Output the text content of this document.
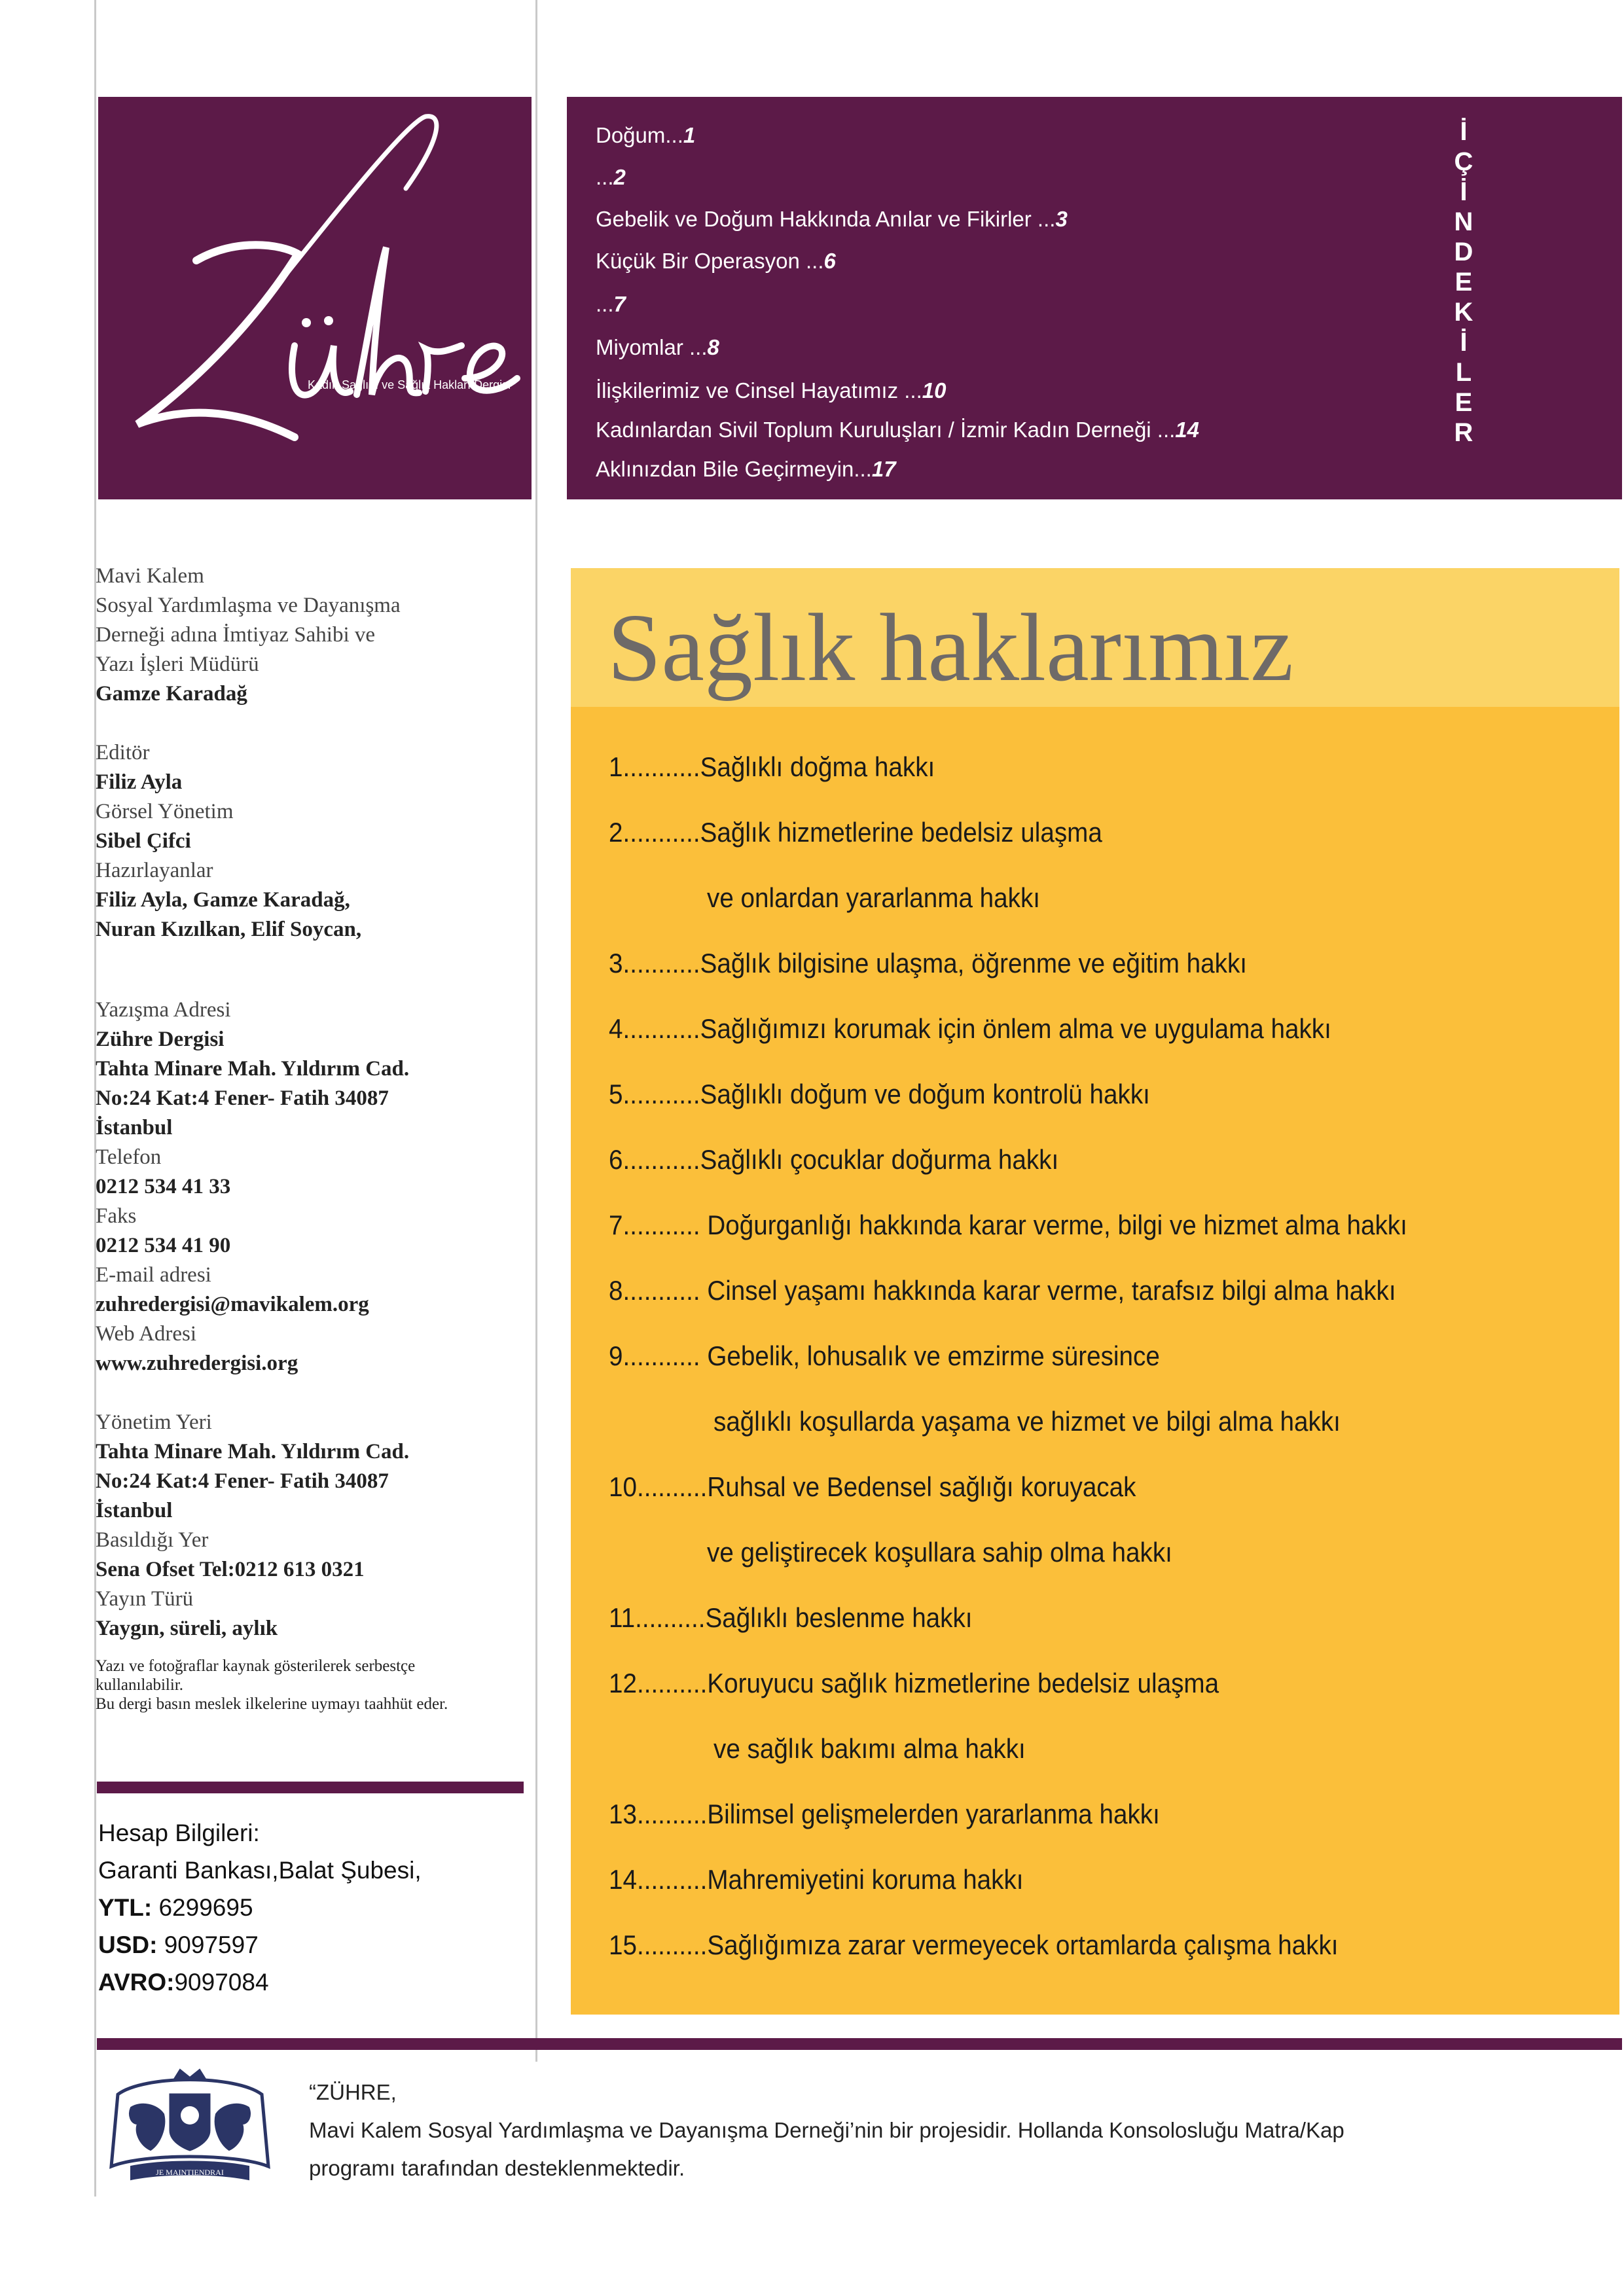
Kadın Sağlığı ve Sağlık Hakları Dergisi
Doğum...1
...2
Gebelik ve Doğum Hakkında Anılar ve Fikirler ...3
Küçük Bir Operasyon ...6
...7
Miyomlar ...8
İlişkilerimiz ve Cinsel Hayatımız ...10
Kadınlardan Sivil Toplum Kuruluşları / İzmir Kadın Derneği ...14
Aklınızdan Bile Geçirmeyin...17
İ
Ç
İ
N
D
E
K
İ
L
E
R
Mavi Kalem
Sosyal Yardımlaşma ve Dayanışma
Derneği adına İmtiyaz Sahibi ve
Yazı İşleri Müdürü
Gamze Karadağ
Editör
Filiz Ayla
Görsel Yönetim
Sibel Çifci
Hazırlayanlar
Filiz Ayla, Gamze Karadağ,
Nuran Kızılkan, Elif Soycan,
Yazışma Adresi
Zühre Dergisi
Tahta Minare Mah. Yıldırım Cad.
No:24 Kat:4 Fener- Fatih 34087
İstanbul
Telefon
0212 534 41 33
Faks
0212 534 41 90
E-mail adresi
zuhredergisi@mavikalem.org
Web Adresi
www.zuhredergisi.org
Yönetim Yeri
Tahta Minare Mah. Yıldırım Cad.
No:24 Kat:4 Fener- Fatih 34087
İstanbul
Basıldığı Yer
Sena Ofset Tel:0212 613 0321
Yayın Türü
Yaygın, süreli, aylık
Yazı ve fotoğraflar kaynak gösterilerek serbestçe
kullanılabilir.
Bu dergi basın meslek ilkelerine uymayı taahhüt eder.
Hesap Bilgileri:
Garanti Bankası,Balat Şubesi,
YTL: 6299695
USD: 9097597
AVRO:9097084
Sağlık haklarımız
1...........Sağlıklı doğma hakkı
2...........Sağlık hizmetlerine bedelsiz ulaşma
ve onlardan yararlanma hakkı
3...........Sağlık bilgisine ulaşma, öğrenme ve eğitim hakkı
4...........Sağlığımızı korumak için önlem alma ve uygulama hakkı
5...........Sağlıklı doğum ve doğum kontrolü hakkı
6...........Sağlıklı çocuklar doğurma hakkı
7........... Doğurganlığı hakkında karar verme, bilgi ve hizmet alma hakkı
8........... Cinsel yaşamı hakkında karar verme, tarafsız bilgi alma hakkı
9........... Gebelik, lohusalık ve emzirme süresince
sağlıklı koşullarda yaşama ve hizmet ve bilgi alma hakkı
10..........Ruhsal ve Bedensel sağlığı koruyacak
ve geliştirecek koşullara sahip olma hakkı
11..........Sağlıklı beslenme hakkı
12..........Koruyucu sağlık hizmetlerine bedelsiz ulaşma
ve sağlık bakımı alma hakkı
13..........Bilimsel gelişmelerden yararlanma hakkı
14..........Mahremiyetini koruma hakkı
15..........Sağlığımıza zarar vermeyecek ortamlarda çalışma hakkı
JE MAINTIENDRAI
“ZÜHRE,
Mavi Kalem Sosyal Yardımlaşma ve Dayanışma Derneği’nin bir projesidir. Hollanda Konsolosluğu Matra/Kap
programı tarafından desteklenmektedir.
